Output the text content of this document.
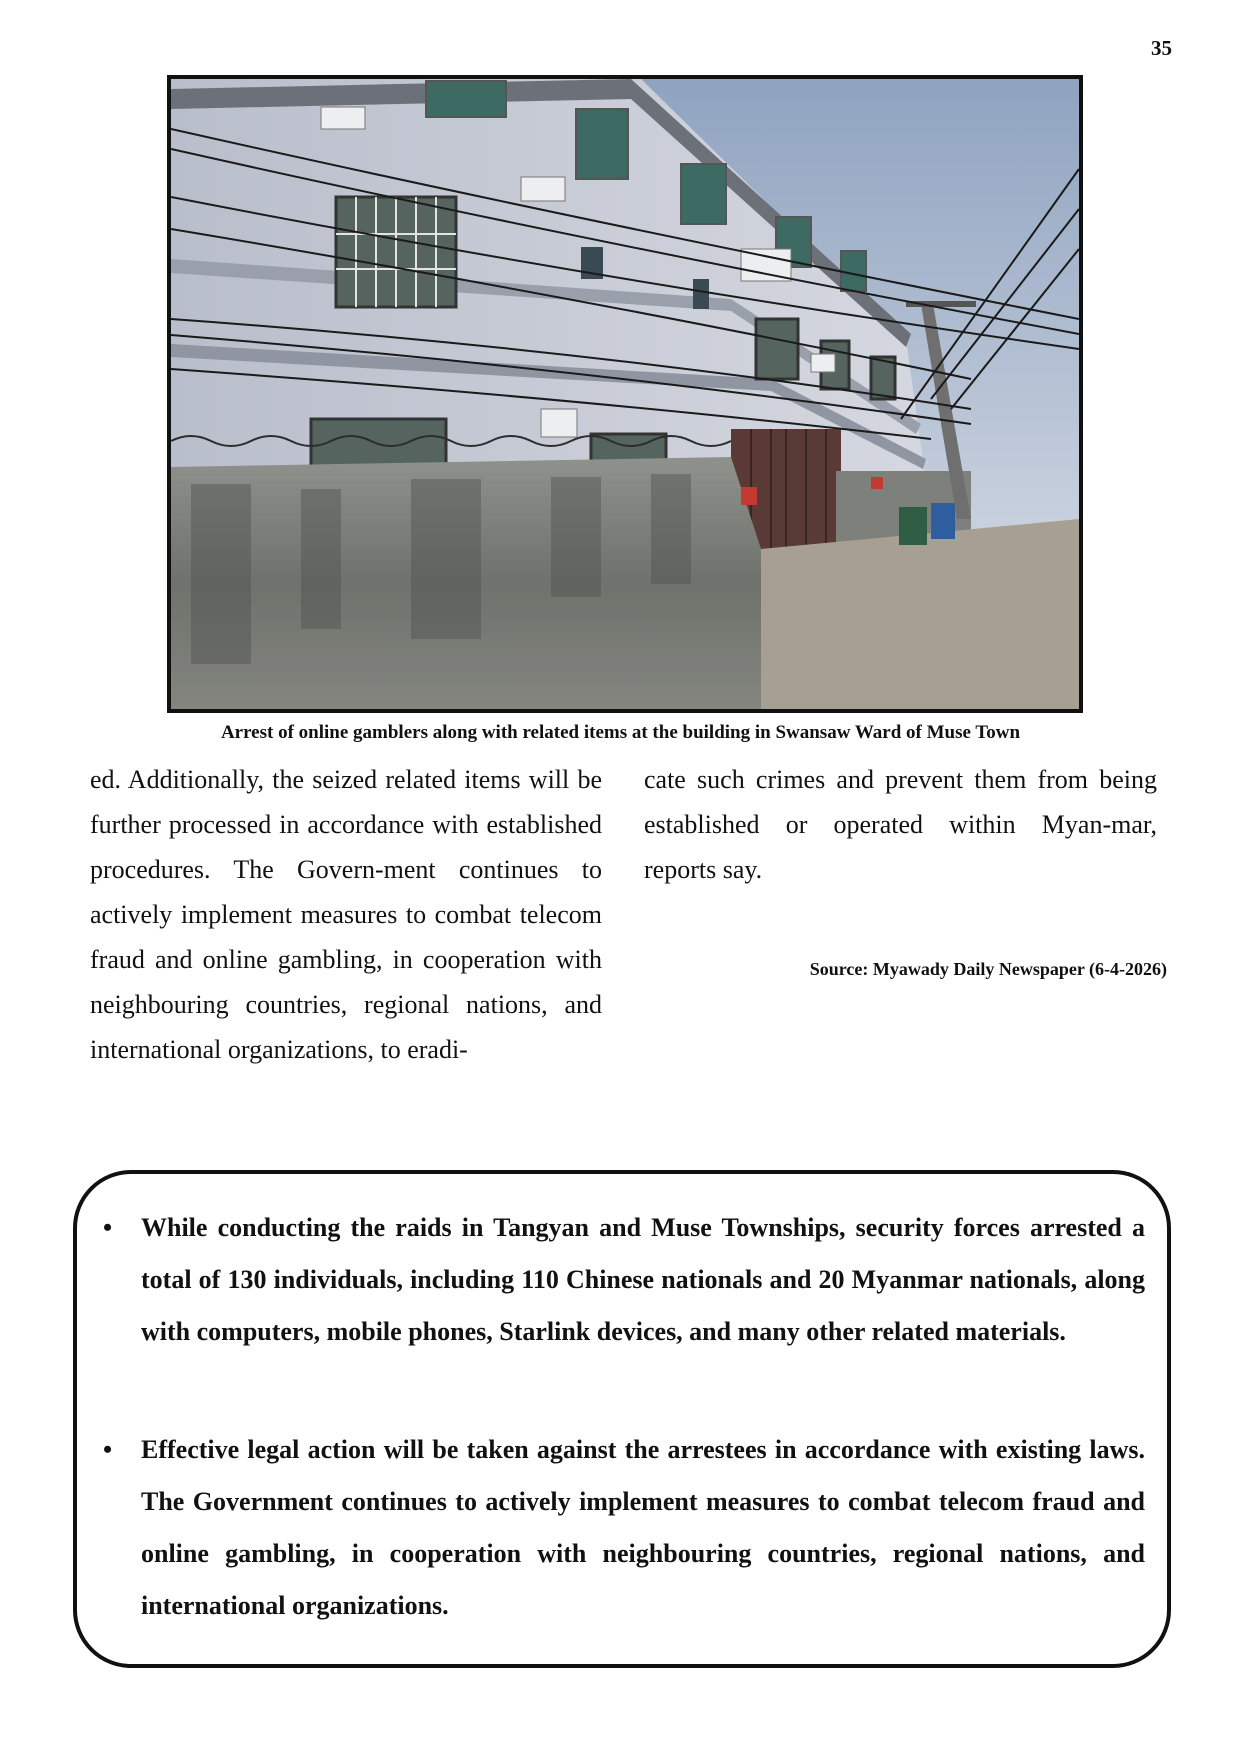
35
Arrest of online gamblers along with related items at the building in Swansaw Ward of Muse Town
ed. Additionally, the seized related items will be further processed in accordance with established procedures. The Govern-ment continues to actively implement measures to combat telecom fraud and online gambling, in cooperation with neighbouring countries, regional nations, and international organizations, to eradi-
cate such crimes and prevent them from being established or operated within Myan-mar, reports say.
Source: Myawady Daily Newspaper (6-4-2026)
• While conducting the raids in Tangyan and Muse Townships, security forces arrested a total of 130 individuals, including 110 Chinese nationals and 20 Myanmar nationals, along with computers, mobile phones, Starlink devices, and many other related materials.
• Effective legal action will be taken against the arrestees in accordance with existing laws. The Government continues to actively implement measures to combat telecom fraud and online gambling, in cooperation with neighbouring countries, regional nations, and international organizations.
